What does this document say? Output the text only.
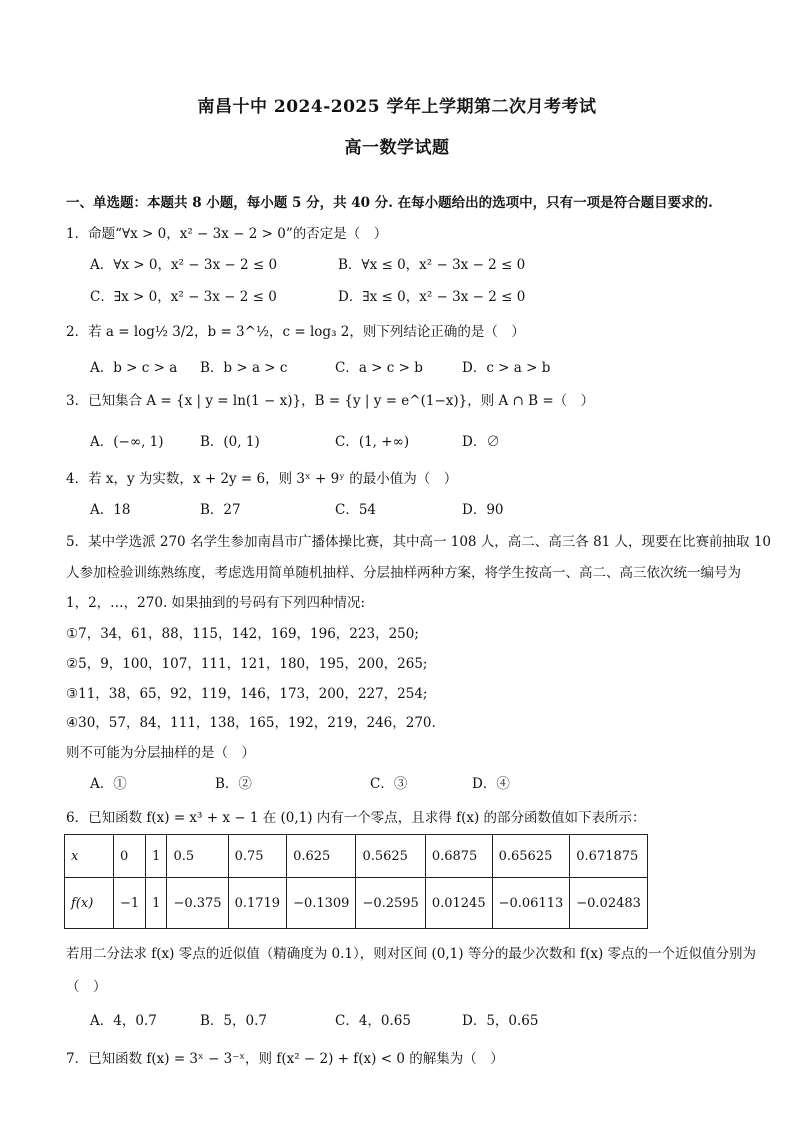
南昌十中 2024-2025 学年上学期第二次月考考试
高一数学试题
一、单选题：本题共 8 小题，每小题 5 分，共 40 分. 在每小题给出的选项中，只有一项是符合题目要求的.
1．命题“∀x > 0，x² − 3x − 2 > 0”的否定是（　）
A．∀x > 0，x² − 3x − 2 ≤ 0	B．∀x ≤ 0，x² − 3x − 2 ≤ 0
C．∃x > 0，x² − 3x − 2 ≤ 0	D．∃x ≤ 0，x² − 3x − 2 ≤ 0
2．若 a = log½ 3/2，b = 3^½，c = log₃ 2，则下列结论正确的是（　）
A．b > c > a B．b > a > c	C．a > c > b	D．c > a > b
3．已知集合 A = {x | y = ln(1 − x)}，B = {y | y = e^(1−x)}，则 A ∩ B =（　）
A．(−∞, 1)	B．(0, 1)	C．(1, +∞)	D．∅
4．若 x，y 为实数，x + 2y = 6，则 3ˣ + 9ʸ 的最小值为（　）
A．18	B．27	C．54	D．90
5．某中学选派 270 名学生参加南昌市广播体操比赛，其中高一 108 人，高二、高三各 81 人，现要在比赛前抽取 10
人参加检验训练熟练度，考虑选用简单随机抽样、分层抽样两种方案，将学生按高一、高二、高三依次统一编号为
1，2，…，270. 如果抽到的号码有下列四种情况:
①7，34，61，88，115，142，169，196，223，250;
②5，9，100，107，111，121，180，195，200，265;
③11，38，65，92，119，146，173，200，227，254;
④30，57，84，111，138，165，192，219，246，270.
则不可能为分层抽样的是（　）
A．①	B．②	C．③	D．④
6．已知函数 f(x) = x³ + x − 1 在 (0,1) 内有一个零点，且求得 f(x) 的部分函数值如下表所示：
x	0	1	0.5	0.75	0.625	0.5625	0.6875	0.65625	0.671875
f(x)	−1	1	−0.375	0.1719	−0.1309	−0.2595	0.01245	−0.06113	−0.02483
若用二分法求 f(x) 零点的近似值（精确度为 0.1），则对区间 (0,1) 等分的最少次数和 f(x) 零点的一个近似值分别为
（　）
A．4，0.7	B．5，0.7	C．4，0.65	D．5，0.65
7．已知函数 f(x) = 3ˣ − 3⁻ˣ，则 f(x² − 2) + f(x) < 0 的解集为（　）
